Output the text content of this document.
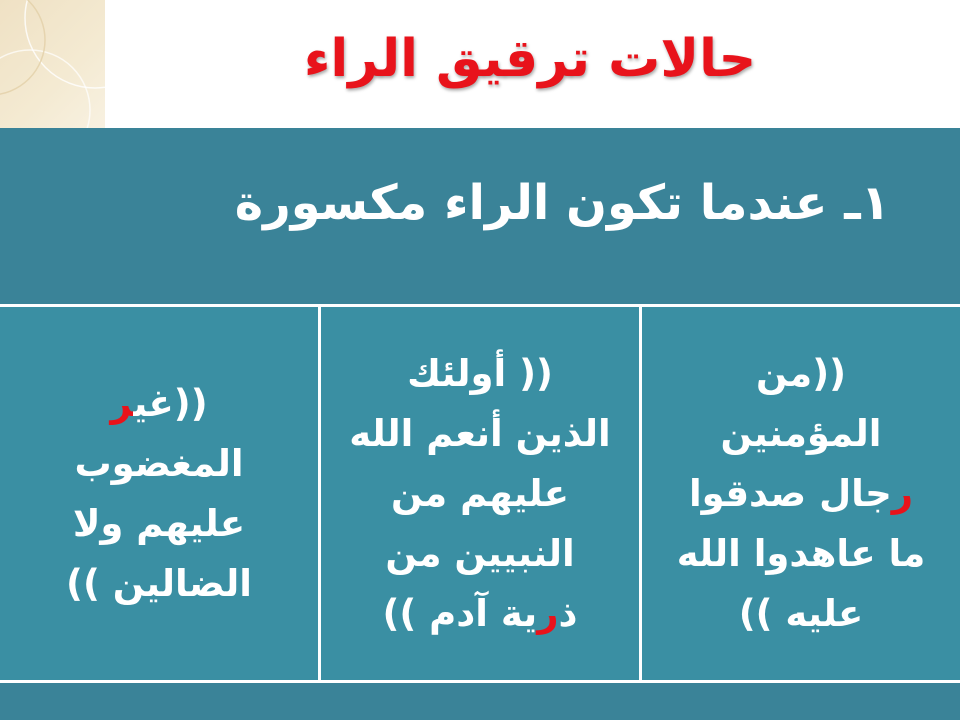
حالات ترقيق الراء
١ـ عندما تكون الراء مكسورة
((من
المؤمنين
رجال صدقوا
ما عاهدوا الله
عليه ))
(( أولئك
الذين أنعم الله
عليهم من
النبيين من
ذرية آدم ))
((غير
المغضوب
عليهم ولا
الضالين ))
